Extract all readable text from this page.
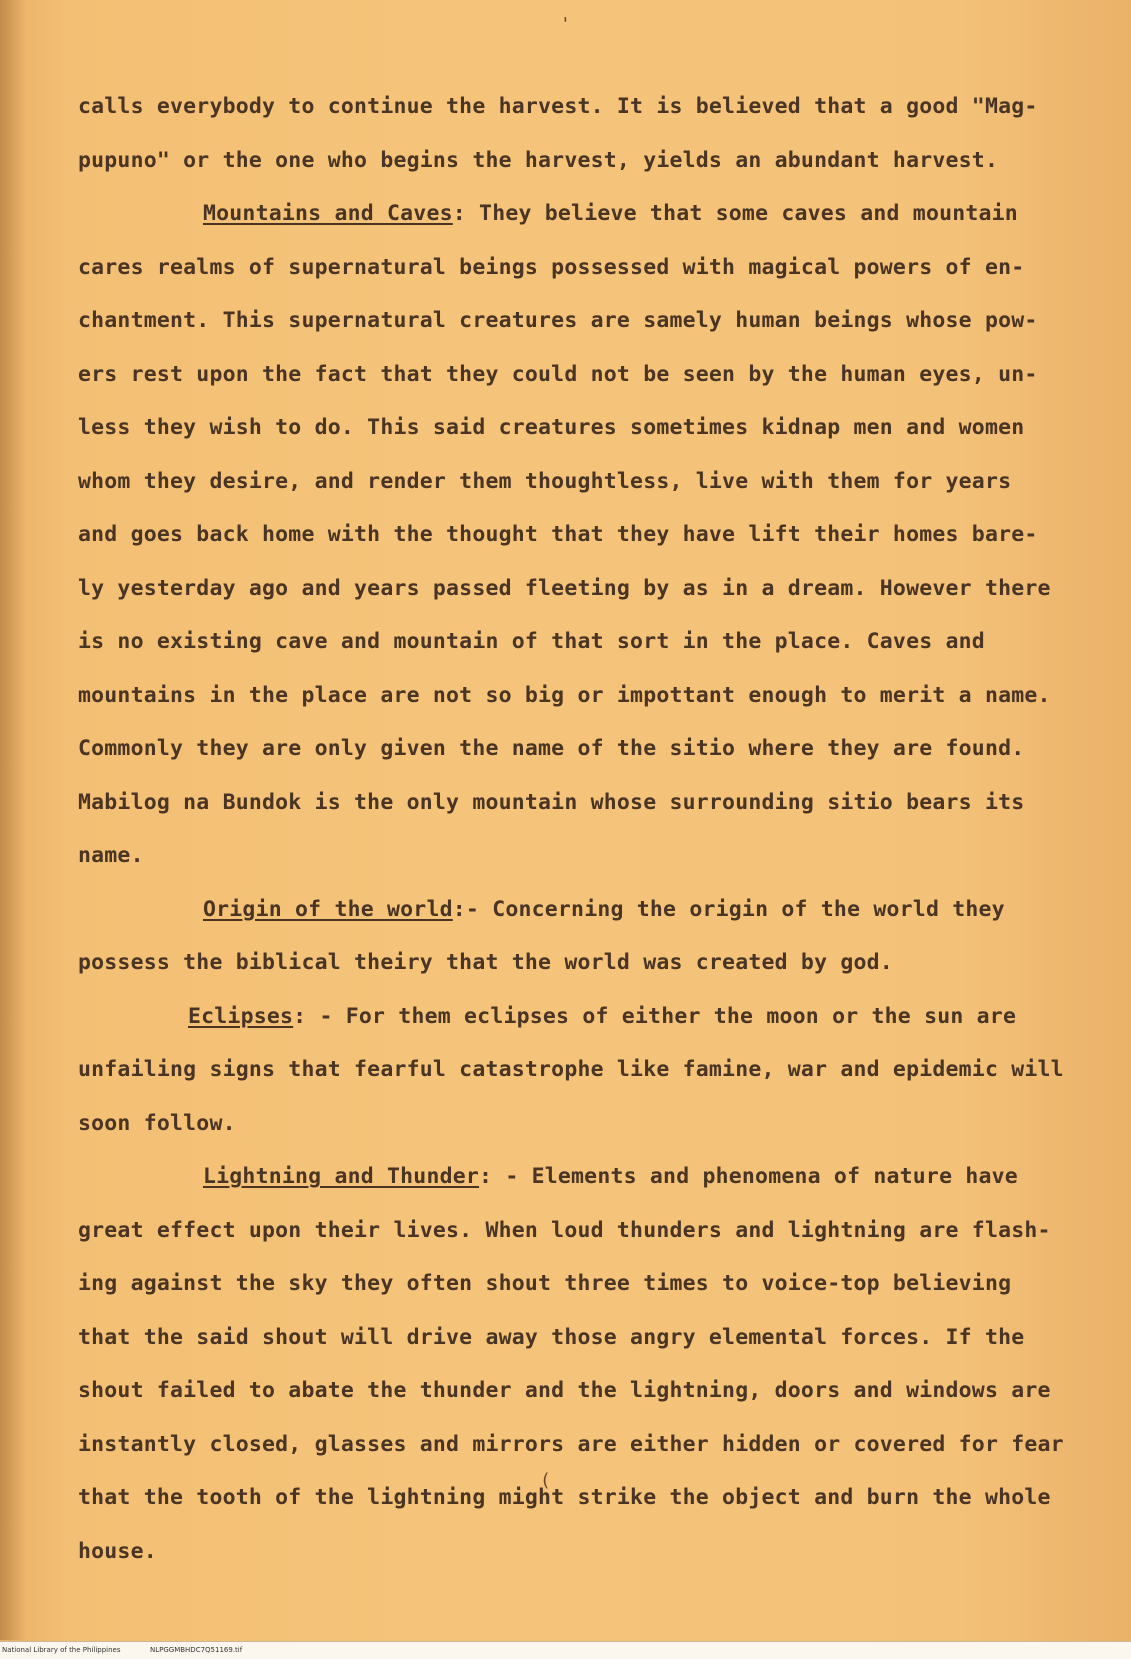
'
(

calls everybody to continue the harvest. It is believed that a good "Mag-

pupuno" or the one who begins the harvest, yields an abundant harvest.

Mountains and Caves: They believe that some caves and mountain

cares realms of supernatural beings possessed with magical powers of en-

chantment. This supernatural creatures are samely human beings whose pow-

ers rest upon the fact that they could not be seen by the human eyes, un-

less they wish to do. This said creatures sometimes kidnap men and women

whom they desire, and render them thoughtless, live with them for years

and goes back home with the thought that they have lift their homes bare-

ly yesterday ago and years passed fleeting by as in a dream. However there

is no existing cave and mountain of that sort in the place. Caves and

mountains in the place are not so big or impottant enough to merit a name.

Commonly they are only given the name of the sitio where they are found.

Mabilog na Bundok is the only mountain whose surrounding sitio bears its

name.

Origin of the world:- Concerning the origin of the world they

possess the biblical theiry that the world was created by god.

Eclipses: - For them eclipses of either the moon or the sun are

unfailing signs that fearful catastrophe like famine, war and epidemic will

soon follow.

Lightning and Thunder: - Elements and phenomena of nature have

great effect upon their lives. When loud thunders and lightning are flash-

ing against the sky they often shout three times to voice-top believing

that the said shout will drive away those angry elemental forces. If the

shout failed to abate the thunder and the lightning, doors and windows are

instantly closed, glasses and mirrors are either hidden or covered for fear

that the tooth of the lightning might strike the object and burn the whole

house.

National Library of the Philippines	NLPGGMBHDC7Q51169.tif
